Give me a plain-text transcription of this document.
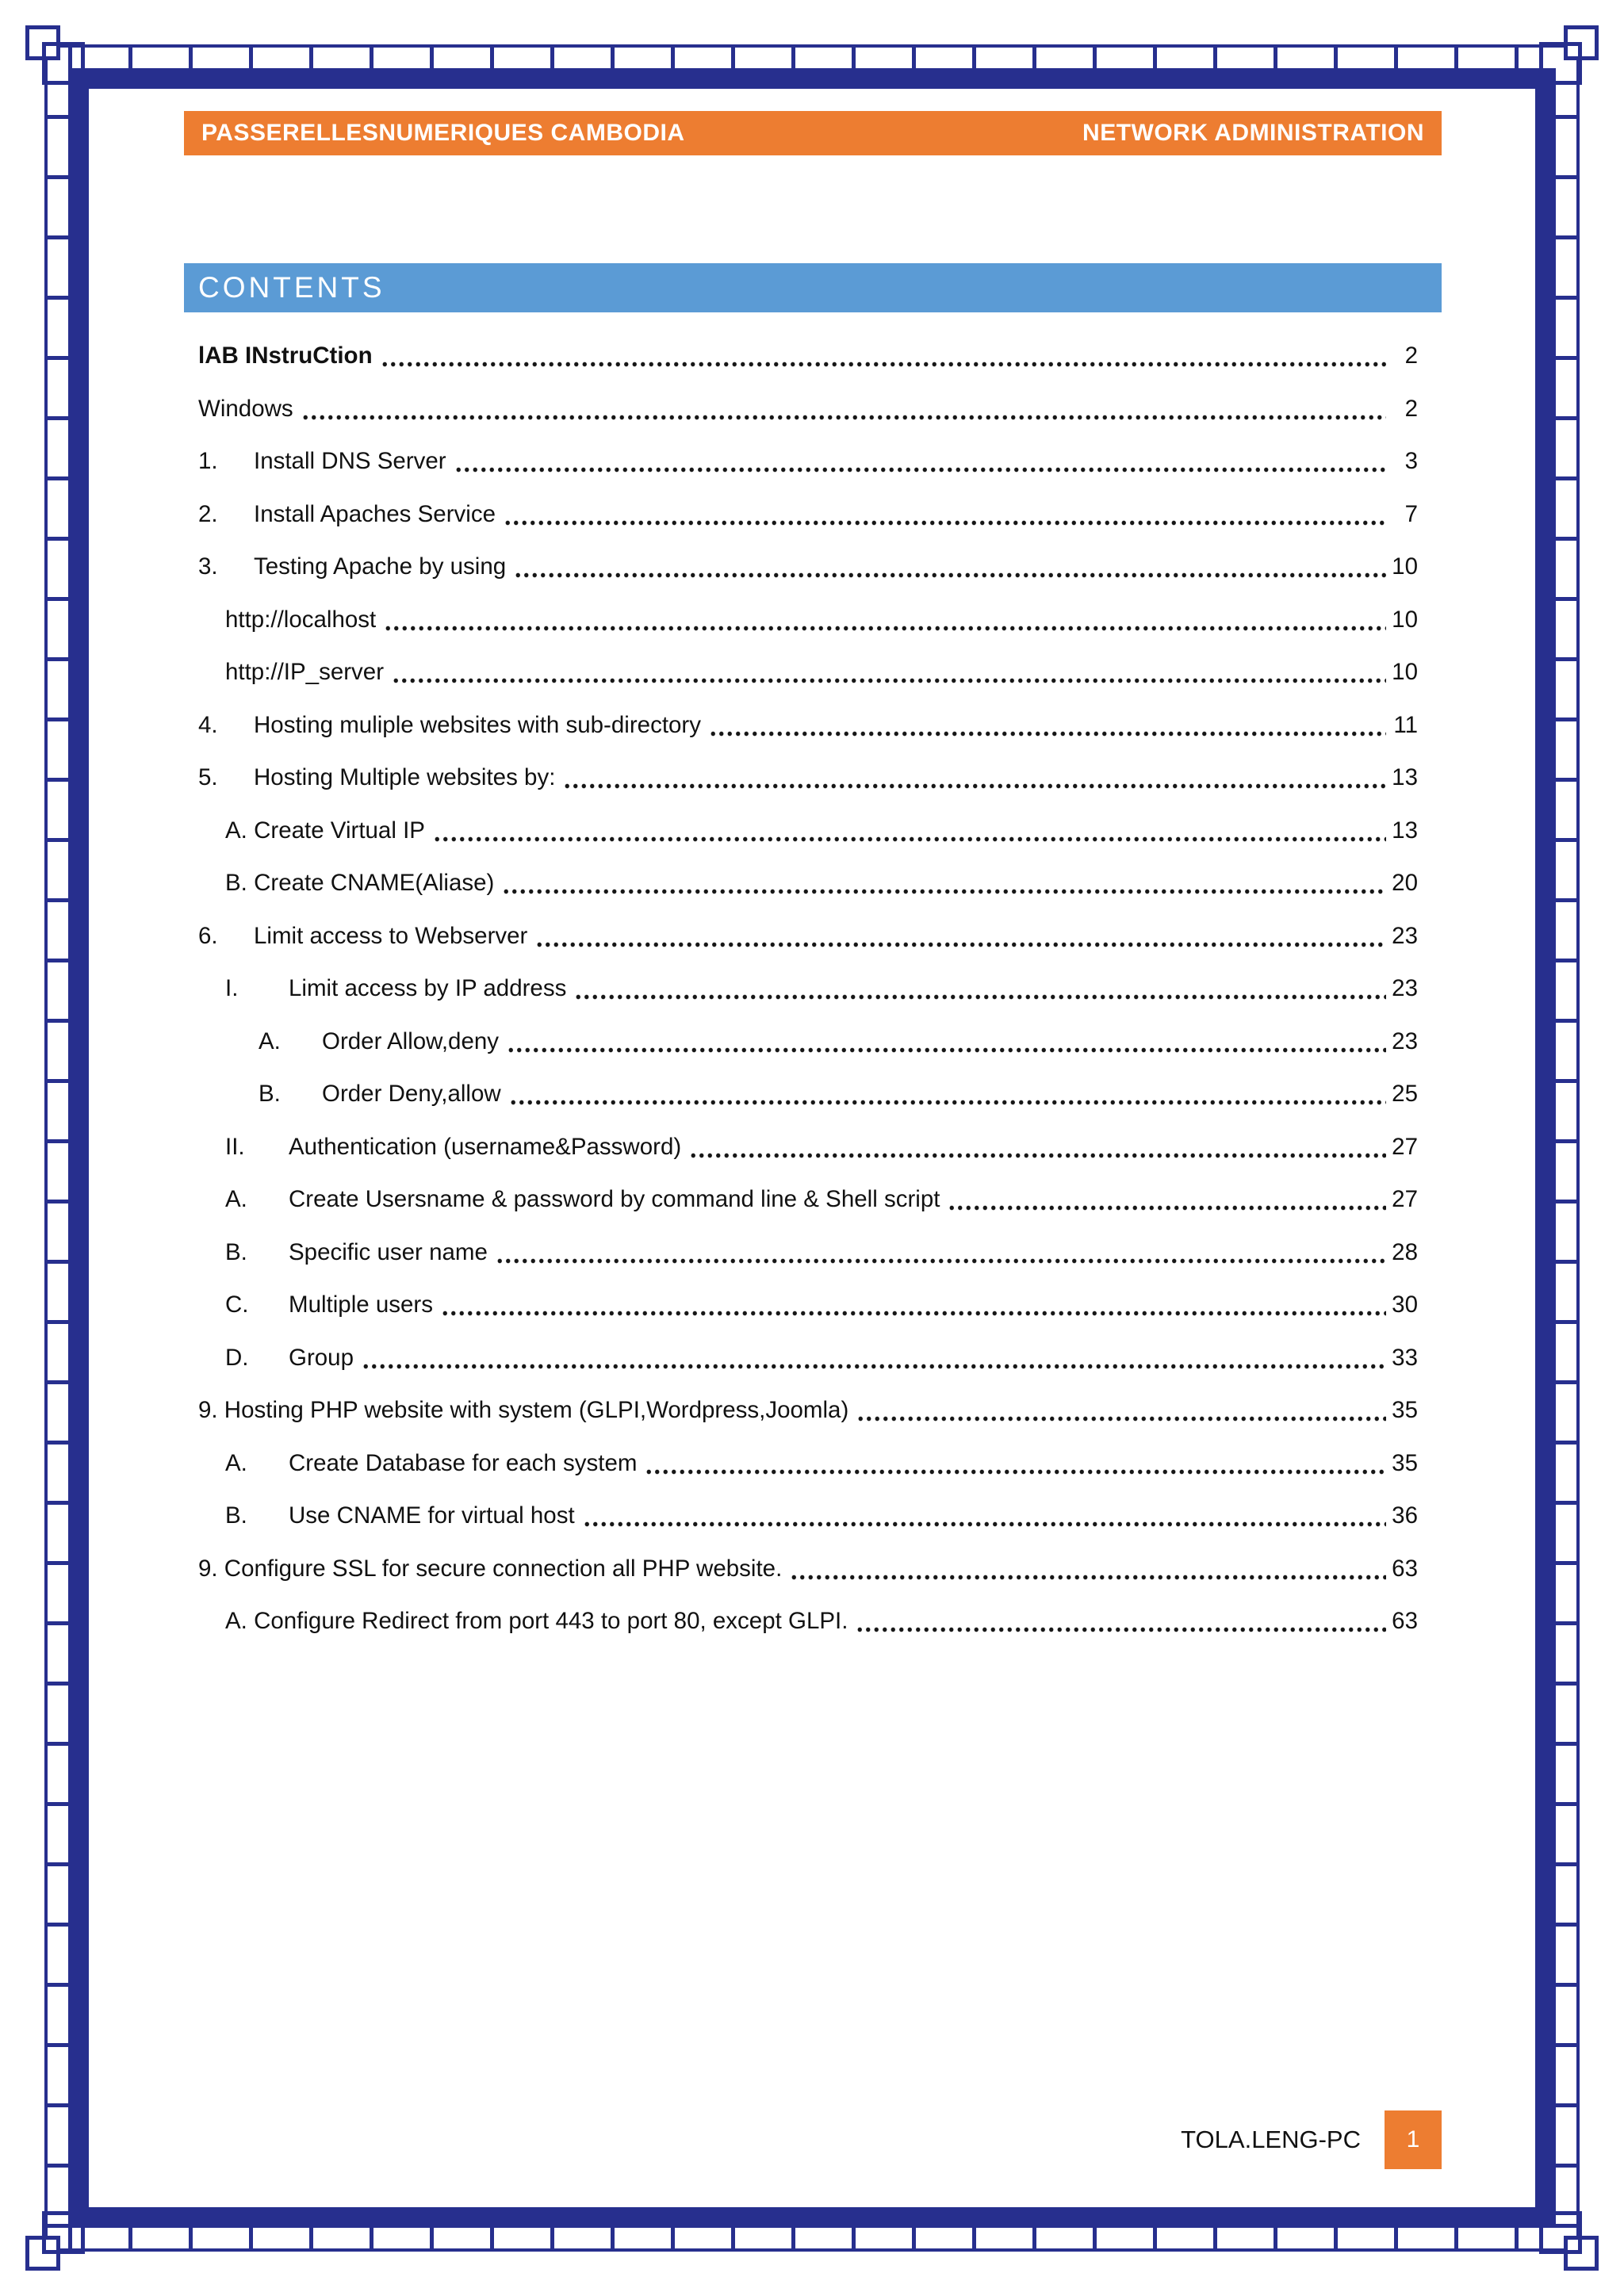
PASSERELLESNUMERIQUES CAMBODIA	NETWORK ADMINISTRATION
CONTENTS
lAB INstruCtion	2
Windows	2
1.	Install DNS Server	3
2.	Install Apaches Service	7
3.	Testing Apache by using	10
http://localhost	10
http://IP_server	10
4.	Hosting muliple websites with sub-directory	11
5.	Hosting Multiple websites by:	13
A. Create Virtual IP	13
B. Create CNAME(Aliase)	20
6.	Limit access to Webserver	23
I.	Limit access by IP address	23
A.	Order Allow,deny	23
B.	Order Deny,allow	25
II.	Authentication (username&Password)	27
A.	Create Usersname & password by command line & Shell script	27
B.	Specific user name	28
C.	Multiple users	30
D.	Group	33
9. Hosting PHP website with system (GLPI,Wordpress,Joomla)	35
A.	Create Database for each system	35
B.	Use CNAME for virtual host	36
9. Configure SSL for secure connection all PHP website.	63
A. Configure Redirect from port 443 to port 80, except GLPI.	63
TOLA.LENG-PC 1
